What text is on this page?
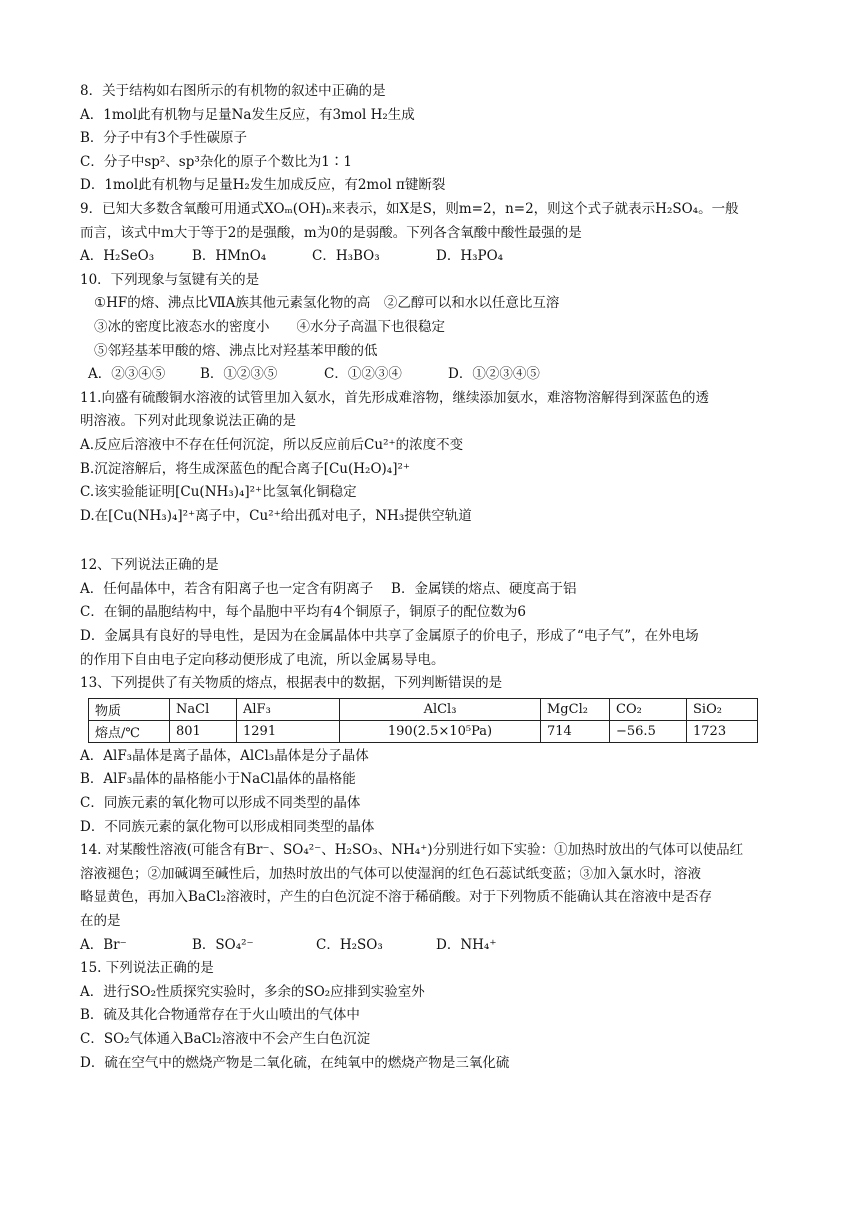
8．关于结构如右图所示的有机物的叙述中正确的是

A．1mol此有机物与足量Na发生反应，有3mol H₂生成

B．分子中有3个手性碳原子

C．分子中sp²、sp³杂化的原子个数比为1∶1

D．1mol此有机物与足量H₂发生加成反应，有2mol π键断裂

9．已知大多数含氧酸可用通式XOₘ(OH)ₙ来表示，如X是S，则m=2，n=2，则这个式子就表示H₂SO₄。一般

而言，该式中m大于等于2的是强酸，m为0的是弱酸。下列各含氧酸中酸性最强的是

A．H₂SeO₃	B．HMnO₄	C．H₃BO₃	D．H₃PO₄

10．下列现象与氢键有关的是

①HF的熔、沸点比ⅦA族其他元素氢化物的高　②乙醇可以和水以任意比互溶

③冰的密度比液态水的密度小　　④水分子高温下也很稳定

⑤邻羟基苯甲酸的熔、沸点比对羟基苯甲酸的低

A．②③④⑤	B．①②③⑤	C．①②③④	D．①②③④⑤

11.向盛有硫酸铜水溶液的试管里加入氨水，首先形成难溶物，继续添加氨水，难溶物溶解得到深蓝色的透

明溶液。下列对此现象说法正确的是

A.反应后溶液中不存在任何沉淀，所以反应前后Cu²⁺的浓度不变

B.沉淀溶解后，将生成深蓝色的配合离子[Cu(H₂O)₄]²⁺

C.该实验能证明[Cu(NH₃)₄]²⁺比氢氧化铜稳定

D.在[Cu(NH₃)₄]²⁺离子中，Cu²⁺给出孤对电子，NH₃提供空轨道

12、下列说法正确的是

A．任何晶体中，若含有阳离子也一定含有阴离子　 B．金属镁的熔点、硬度高于铝

C．在铜的晶胞结构中，每个晶胞中平均有4个铜原子，铜原子的配位数为6

D．金属具有良好的导电性，是因为在金属晶体中共享了金属原子的价电子，形成了“电子气”，在外电场

的作用下自由电子定向移动便形成了电流，所以金属易导电。

13、下列提供了有关物质的熔点，根据表中的数据，下列判断错误的是

物质	NaCl	AlF₃	AlCl₃	MgCl₂	CO₂	SiO₂
熔点/℃	801	1291	190(2.5×10⁵Pa)	714	−56.5	1723

A．AlF₃晶体是离子晶体，AlCl₃晶体是分子晶体

B．AlF₃晶体的晶格能小于NaCl晶体的晶格能

C．同族元素的氧化物可以形成不同类型的晶体

D．不同族元素的氯化物可以形成相同类型的晶体

14. 对某酸性溶液(可能含有Br⁻、SO₄²⁻、H₂SO₃、NH₄⁺)分别进行如下实验：①加热时放出的气体可以使品红

溶液褪色；②加碱调至碱性后，加热时放出的气体可以使湿润的红色石蕊试纸变蓝；③加入氯水时，溶液

略显黄色，再加入BaCl₂溶液时，产生的白色沉淀不溶于稀硝酸。对于下列物质不能确认其在溶液中是否存

在的是

A．Br⁻	B．SO₄²⁻	C．H₂SO₃	D．NH₄⁺

15. 下列说法正确的是

A．进行SO₂性质探究实验时，多余的SO₂应排到实验室外

B．硫及其化合物通常存在于火山喷出的气体中

C．SO₂气体通入BaCl₂溶液中不会产生白色沉淀

D．硫在空气中的燃烧产物是二氧化硫，在纯氧中的燃烧产物是三氧化硫
